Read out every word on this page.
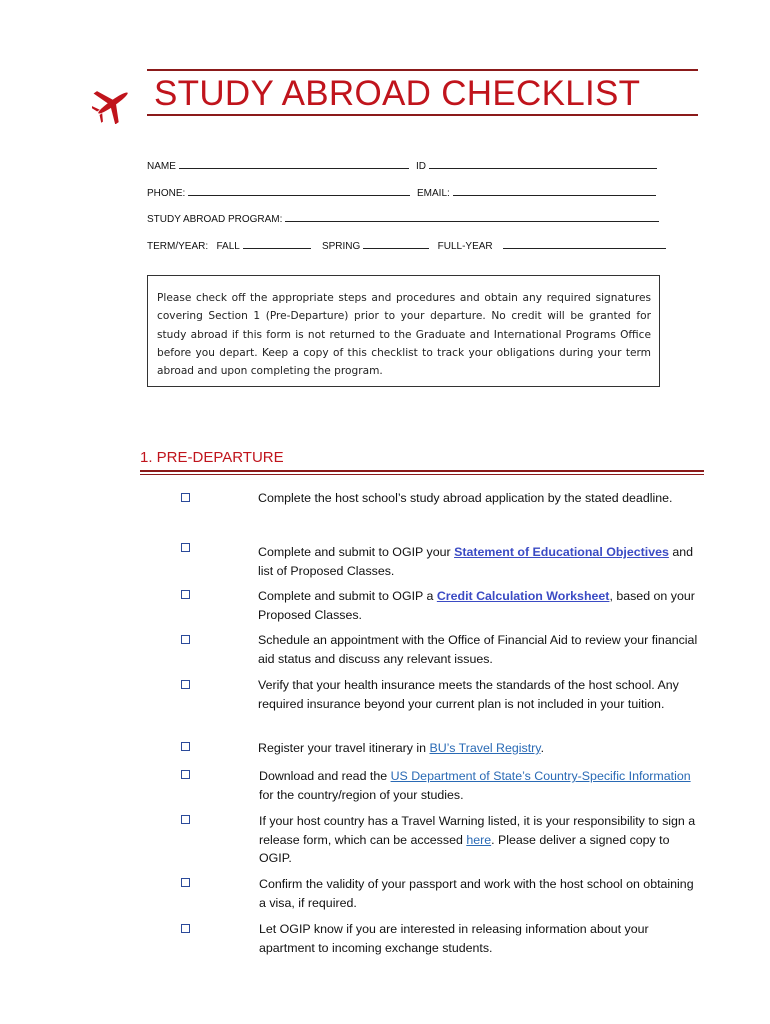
STUDY ABROAD CHECKLIST
NAME	ID
PHONE:	EMAIL:
STUDY ABROAD PROGRAM:
TERM/YEAR: FALL	SPRING	FULL-YEAR
Please check off the appropriate steps and procedures and obtain any required signatures covering Section 1 (Pre-Departure) prior to your departure. No credit will be granted for study abroad if this form is not returned to the Graduate and International Programs Office before you depart. Keep a copy of this checklist to track your obligations during your term abroad and upon completing the program.
1. PRE-DEPARTURE
Complete the host school’s study abroad application by the stated deadline.
Complete and submit to OGIP your Statement of Educational Objectives and list of Proposed Classes.
Complete and submit to OGIP a Credit Calculation Worksheet, based on your Proposed Classes.
Schedule an appointment with the Office of Financial Aid to review your financial aid status and discuss any relevant issues.
Verify that your health insurance meets the standards of the host school. Any required insurance beyond your current plan is not included in your tuition.
Register your travel itinerary in BU’s Travel Registry.
Download and read the US Department of State’s Country-Specific Information for the country/region of your studies.
If your host country has a Travel Warning listed, it is your responsibility to sign a release form, which can be accessed here. Please deliver a signed copy to OGIP.
Confirm the validity of your passport and work with the host school on obtaining a visa, if required.
Let OGIP know if you are interested in releasing information about your apartment to incoming exchange students.
